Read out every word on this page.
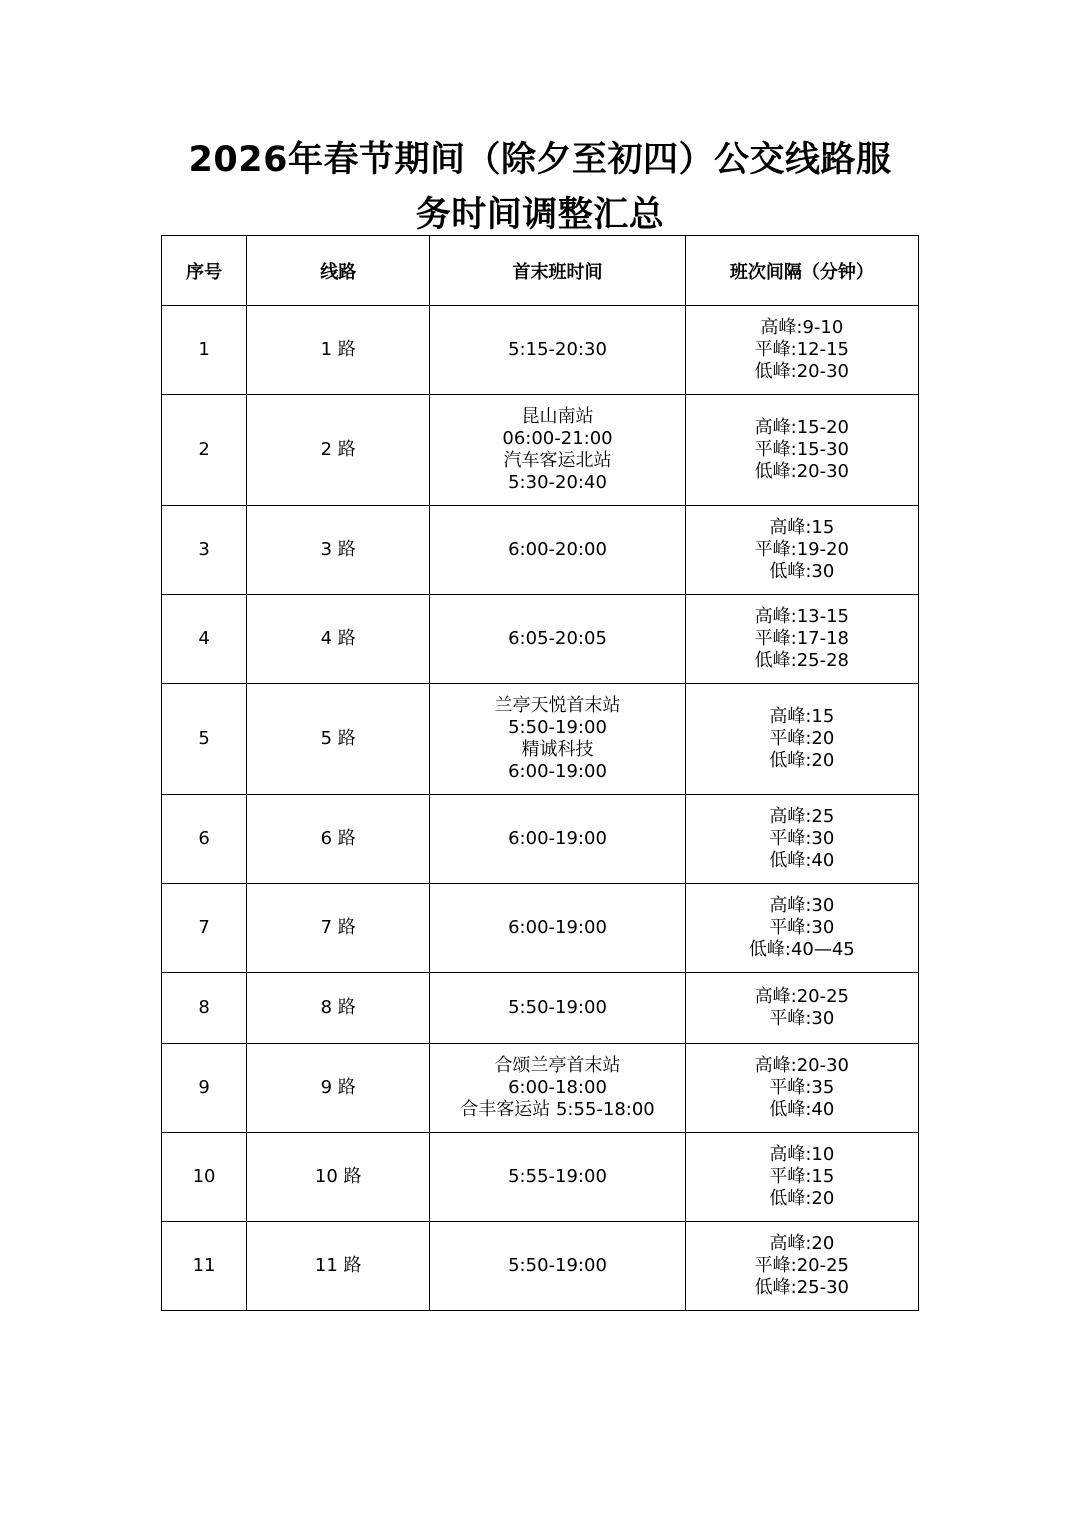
2026年春节期间（除夕至初四）公交线路服
务时间调整汇总
序号	线路	首末班时间	班次间隔（分钟）
1	1 路	5:15-20:30	高峰:9-10
平峰:12-15
低峰:20-30

2	2 路	昆山南站
06:00-21:00
汽车客运北站
5:30-20:40	高峰:15-20
平峰:15-30
低峰:20-30

3	3 路	6:00-20:00	高峰:15
平峰:19-20
低峰:30

4	4 路	6:05-20:05	高峰:13-15
平峰:17-18
低峰:25-28

5	5 路	兰亭天悦首末站
5:50-19:00
精诚科技
6:00-19:00	高峰:15
平峰:20
低峰:20

6	6 路	6:00-19:00	高峰:25
平峰:30
低峰:40

7	7 路	6:00-19:00	高峰:30
平峰:30
低峰:40—45

8	8 路	5:50-19:00	高峰:20-25
平峰:30

9	9 路	合颂兰亭首末站
6:00-18:00
合丰客运站 5:55-18:00	高峰:20-30
平峰:35
低峰:40

10	10 路	5:55-19:00	高峰:10
平峰:15
低峰:20

11	11 路	5:50-19:00	高峰:20
平峰:20-25
低峰:25-30
